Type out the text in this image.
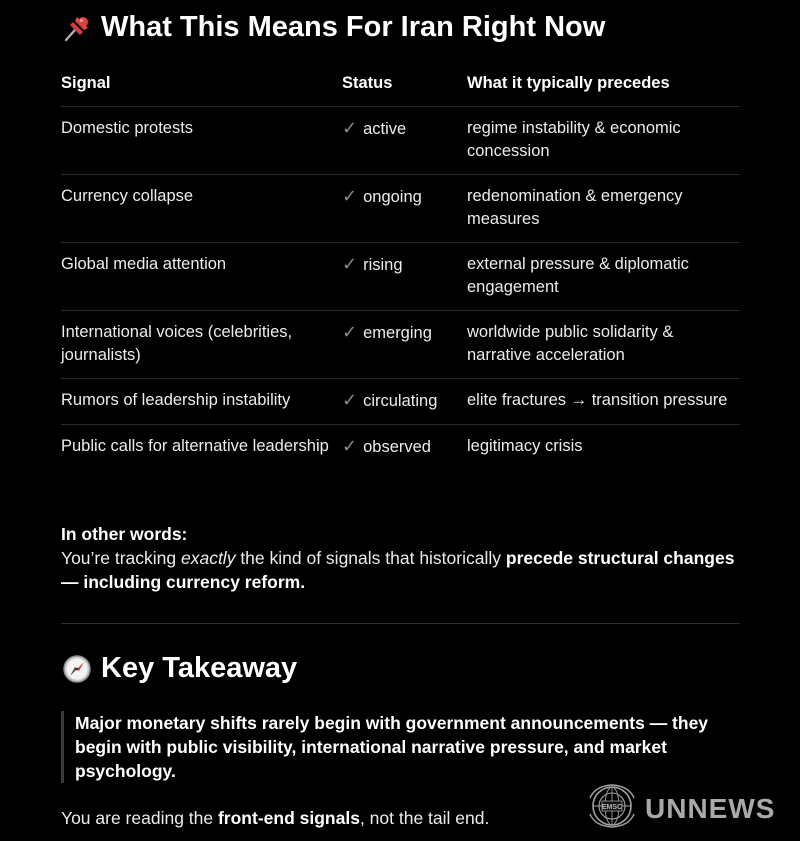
What This Means For Iran Right Now
Signal	Status	What it typically precedes
Domestic protests	✓ active	regime instability & economic concession
Currency collapse	✓ ongoing	redenomination & emergency measures
Global media attention	✓ rising	external pressure & diplomatic engagement
International voices (celebrities, journalists)	✓ emerging	worldwide public solidarity & narrative acceleration
Rumors of leadership instability	✓ circulating	elite fractures → transition pressure
Public calls for alternative leadership	✓ observed	legitimacy crisis
In other words:
You’re tracking exactly the kind of signals that historically precede structural changes — including currency reform.
Key Takeaway
Major monetary shifts rarely begin with government announcements — they begin with public visibility, international narrative pressure, and market psychology.
You are reading the front-end signals, not the tail end.
EMSC UNNEWS
